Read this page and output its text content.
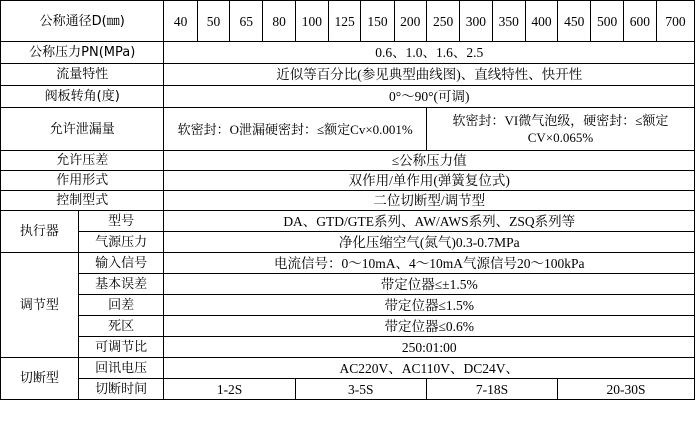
公称通径D(㎜)		40	50	65	80	100	125	150	200	250	300	350	400	450	500	600	700
公称压力PN(MPa)		0.6、1.0、1.6、2.5															
流量特性		近似等百分比(参见典型曲线图)、直线特性、快开性															
阀板转角(度)		0°～90°(可调)															
允许泄漏量		软密封：O泄漏硬密封：≤额定Cv×0.001%								软密封：VI微气泡级，硬密封：≤额定CV×0.065%							
允许压差		≤公称压力值															
作用形式		双作用/单作用(弹簧复位式)															
控制型式		二位切断型/调节型															
执行器	型号	DA、GTD/GTE系列、AW/AWS系列、ZSQ系列等															
	气源压力	净化压缩空气(氮气)0.3-0.7MPa															
调节型	输入信号	电流信号：0～10mA、4～10mA气源信号20～100kPa															
	基本误差	带定位器≤±1.5%															
	回差	带定位器≤1.5%															
	死区	带定位器≤0.6%															
	可调节比	250:01:00															
切断型	回讯电压	AC220V、AC110V、DC24V、															
	切断时间	1-2S				3-5S				7-18S				20-30S			
